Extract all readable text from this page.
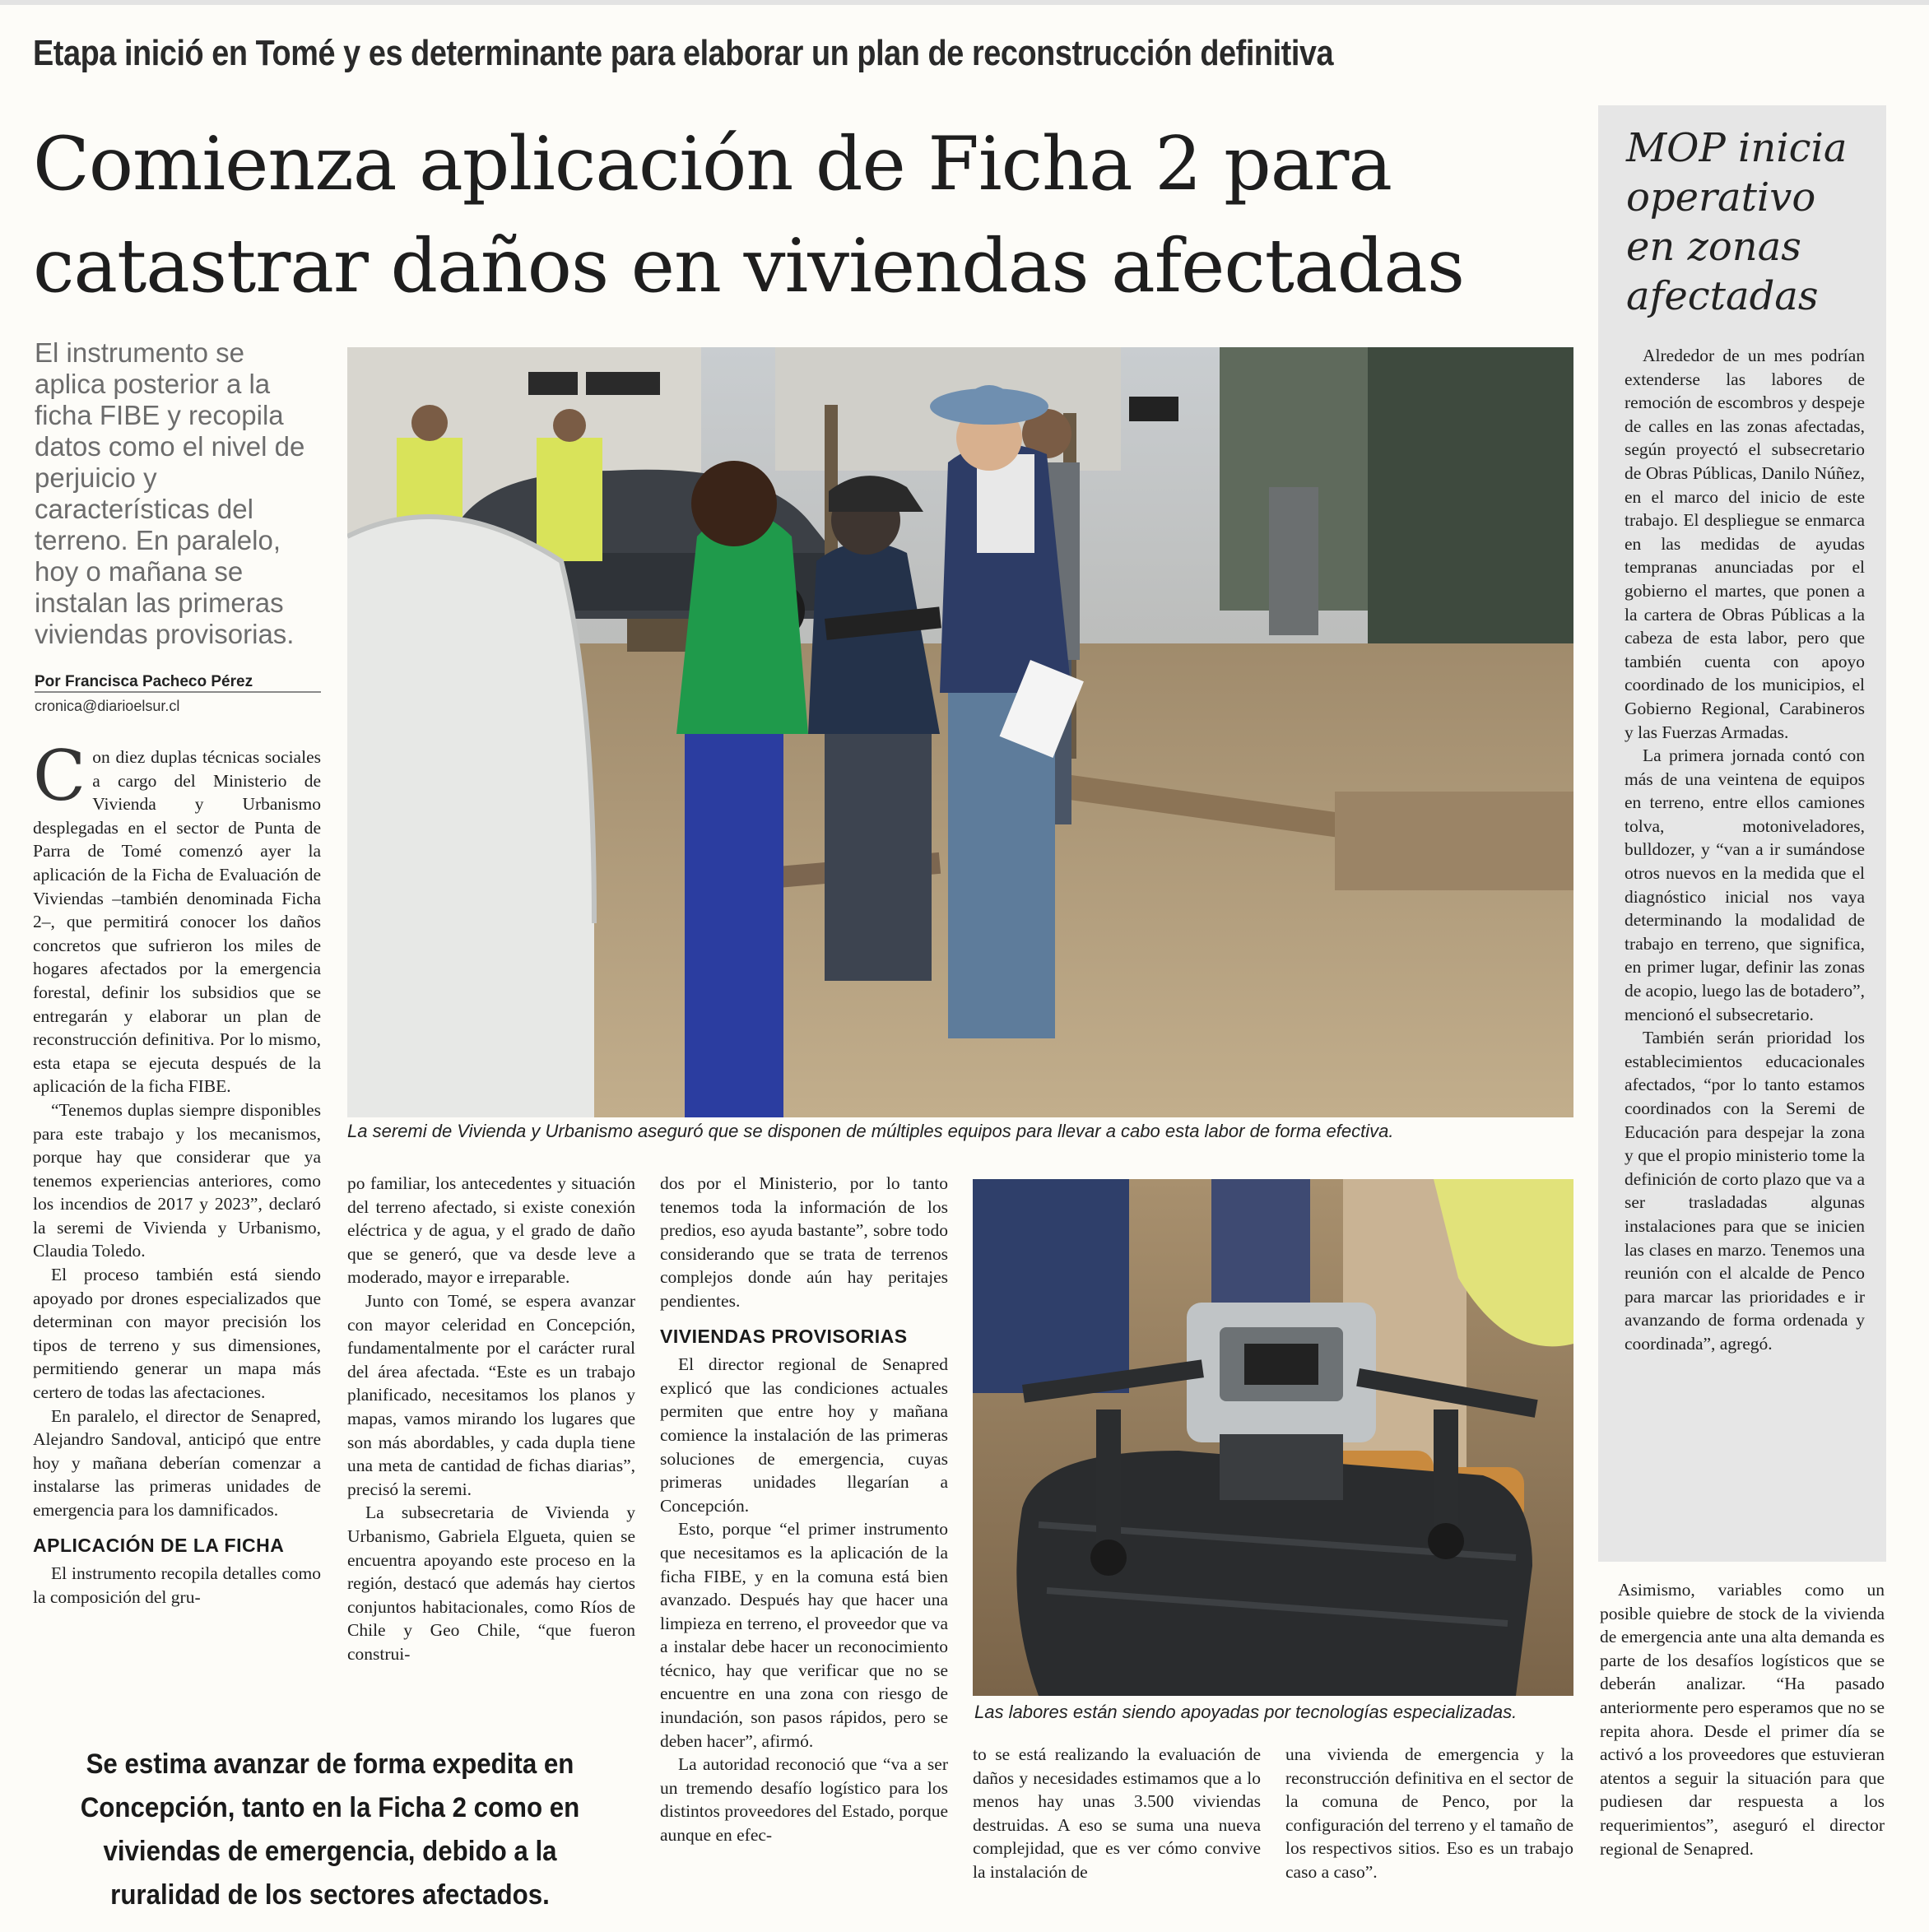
Etapa inició en Tomé y es determinante para elaborar un plan de reconstrucción definitiva
Comienza aplicación de Ficha 2 para
catastrar daños en viviendas afectadas
El instrumento se aplica posterior a la ficha FIBE y recopila datos como el nivel de perjuicio y características del terreno. En paralelo, hoy o mañana se instalan las primeras viviendas provisorias.
Por Francisca Pacheco Pérez
cronica@diarioelsur.cl
La seremi de Vivienda y Urbanismo aseguró que se disponen de múltiples equipos para llevar a cabo esta labor de forma efectiva.
Las labores están siendo apoyadas por tecnologías especializadas.

Con diez duplas técnicas sociales a cargo del Ministerio de Vivienda y Urbanismo desplegadas en el sector de Punta de Parra de Tomé comenzó ayer la aplicación de la Ficha de Evaluación de Viviendas –también denominada Ficha 2–, que permitirá conocer los daños concretos que sufrieron los miles de hogares afectados por la emergencia forestal, definir los subsidios que se entregarán y elaborar un plan de reconstrucción definitiva. Por lo mismo, esta etapa se ejecuta después de la aplicación de la ficha FIBE.

“Tenemos duplas siempre disponibles para este trabajo y los mecanismos, porque hay que considerar que ya tenemos experiencias anteriores, como los incendios de 2017 y 2023”, declaró la seremi de Vivienda y Urbanismo, Claudia Toledo.

El proceso también está siendo apoyado por drones especializados que determinan con mayor precisión los tipos de terreno y sus dimensiones, permitiendo generar un mapa más certero de todas las afectaciones.

En paralelo, el director de Senapred, Alejandro Sandoval, anticipó que entre hoy y mañana deberían comenzar a instalarse las primeras unidades de emergencia para los damnificados.

APLICACIÓN DE LA FICHA

El instrumento recopila detalles como la composición del gru-

po familiar, los antecedentes y situación del terreno afectado, si existe conexión eléctrica y de agua, y el grado de daño que se generó, que va desde leve a moderado, mayor e irreparable.

Junto con Tomé, se espera avanzar con mayor celeridad en Concepción, fundamentalmente por el carácter rural del área afectada. “Este es un trabajo planificado, necesitamos los planos y mapas, vamos mirando los lugares que son más abordables, y cada dupla tiene una meta de cantidad de fichas diarias”, precisó la seremi.

La subsecretaria de Vivienda y Urbanismo, Gabriela Elgueta, quien se encuentra apoyando este proceso en la región, destacó que además hay ciertos conjuntos habitacionales, como Ríos de Chile y Geo Chile, “que fueron construi-

dos por el Ministerio, por lo tanto tenemos toda la información de los predios, eso ayuda bastante”, sobre todo considerando que se trata de terrenos complejos donde aún hay peritajes pendientes.

VIVIENDAS PROVISORIAS

El director regional de Senapred explicó que las condiciones actuales permiten que entre hoy y mañana comience la instalación de las primeras soluciones de emergencia, cuyas primeras unidades llegarían a Concepción.

Esto, porque “el primer instrumento que necesitamos es la aplicación de la ficha FIBE, y en la comuna está bien avanzado. Después hay que hacer una limpieza en terreno, el proveedor que va a instalar debe hacer un reconocimiento técnico, hay que verificar que no se encuentre en una zona con riesgo de inundación, son pasos rápidos, pero se deben hacer”, afirmó.

La autoridad reconoció que “va a ser un tremendo desafío logístico para los distintos proveedores del Estado, porque aunque en efec-

to se está realizando la evaluación de daños y necesidades estimamos que a lo menos hay unas 3.500 viviendas destruidas. A eso se suma una nueva complejidad, que es ver cómo convive la instalación de

una vivienda de emergencia y la reconstrucción definitiva en el sector de la comuna de Penco, por la configuración del terreno y el tamaño de los respectivos sitios. Eso es un trabajo caso a caso”.

MOP inicia operativo en zonas afectadas

Alrededor de un mes podrían extenderse las labores de remoción de escombros y despeje de calles en las zonas afectadas, según proyectó el subsecretario de Obras Públicas, Danilo Núñez, en el marco del inicio de este trabajo. El despliegue se enmarca en las medidas de ayudas tempranas anunciadas por el gobierno el martes, que ponen a la cartera de Obras Públicas a la cabeza de esta labor, pero que también cuenta con apoyo coordinado de los municipios, el Gobierno Regional, Carabineros y las Fuerzas Armadas.

La primera jornada contó con más de una veintena de equipos en terreno, entre ellos camiones tolva, motoniveladores, bulldozer, y “van a ir sumándose otros nuevos en la medida que el diagnóstico inicial nos vaya determinando la modalidad de trabajo en terreno, que significa, en primer lugar, definir las zonas de acopio, luego las de botadero”, mencionó el subsecretario.

También serán prioridad los establecimientos educacionales afectados, “por lo tanto estamos coordinados con la Seremi de Educación para despejar la zona y que el propio ministerio tome la definición de corto plazo que va a ser trasladadas algunas instalaciones para que se inicien las clases en marzo. Tenemos una reunión con el alcalde de Penco para marcar las prioridades e ir avanzando de forma ordenada y coordinada”, agregó.

Asimismo, variables como un posible quiebre de stock de la vivienda de emergencia ante una alta demanda es parte de los desafíos logísticos que se deberán analizar. “Ha pasado anteriormente pero esperamos que no se repita ahora. Desde el primer día se activó a los proveedores que estuvieran atentos a seguir la situación para que pudiesen dar respuesta a los requerimientos”, aseguró el director regional de Senapred.

Se estima avanzar de forma expedita en Concepción, tanto en la Ficha 2 como en viviendas de emergencia, debido a la ruralidad de los sectores afectados.
